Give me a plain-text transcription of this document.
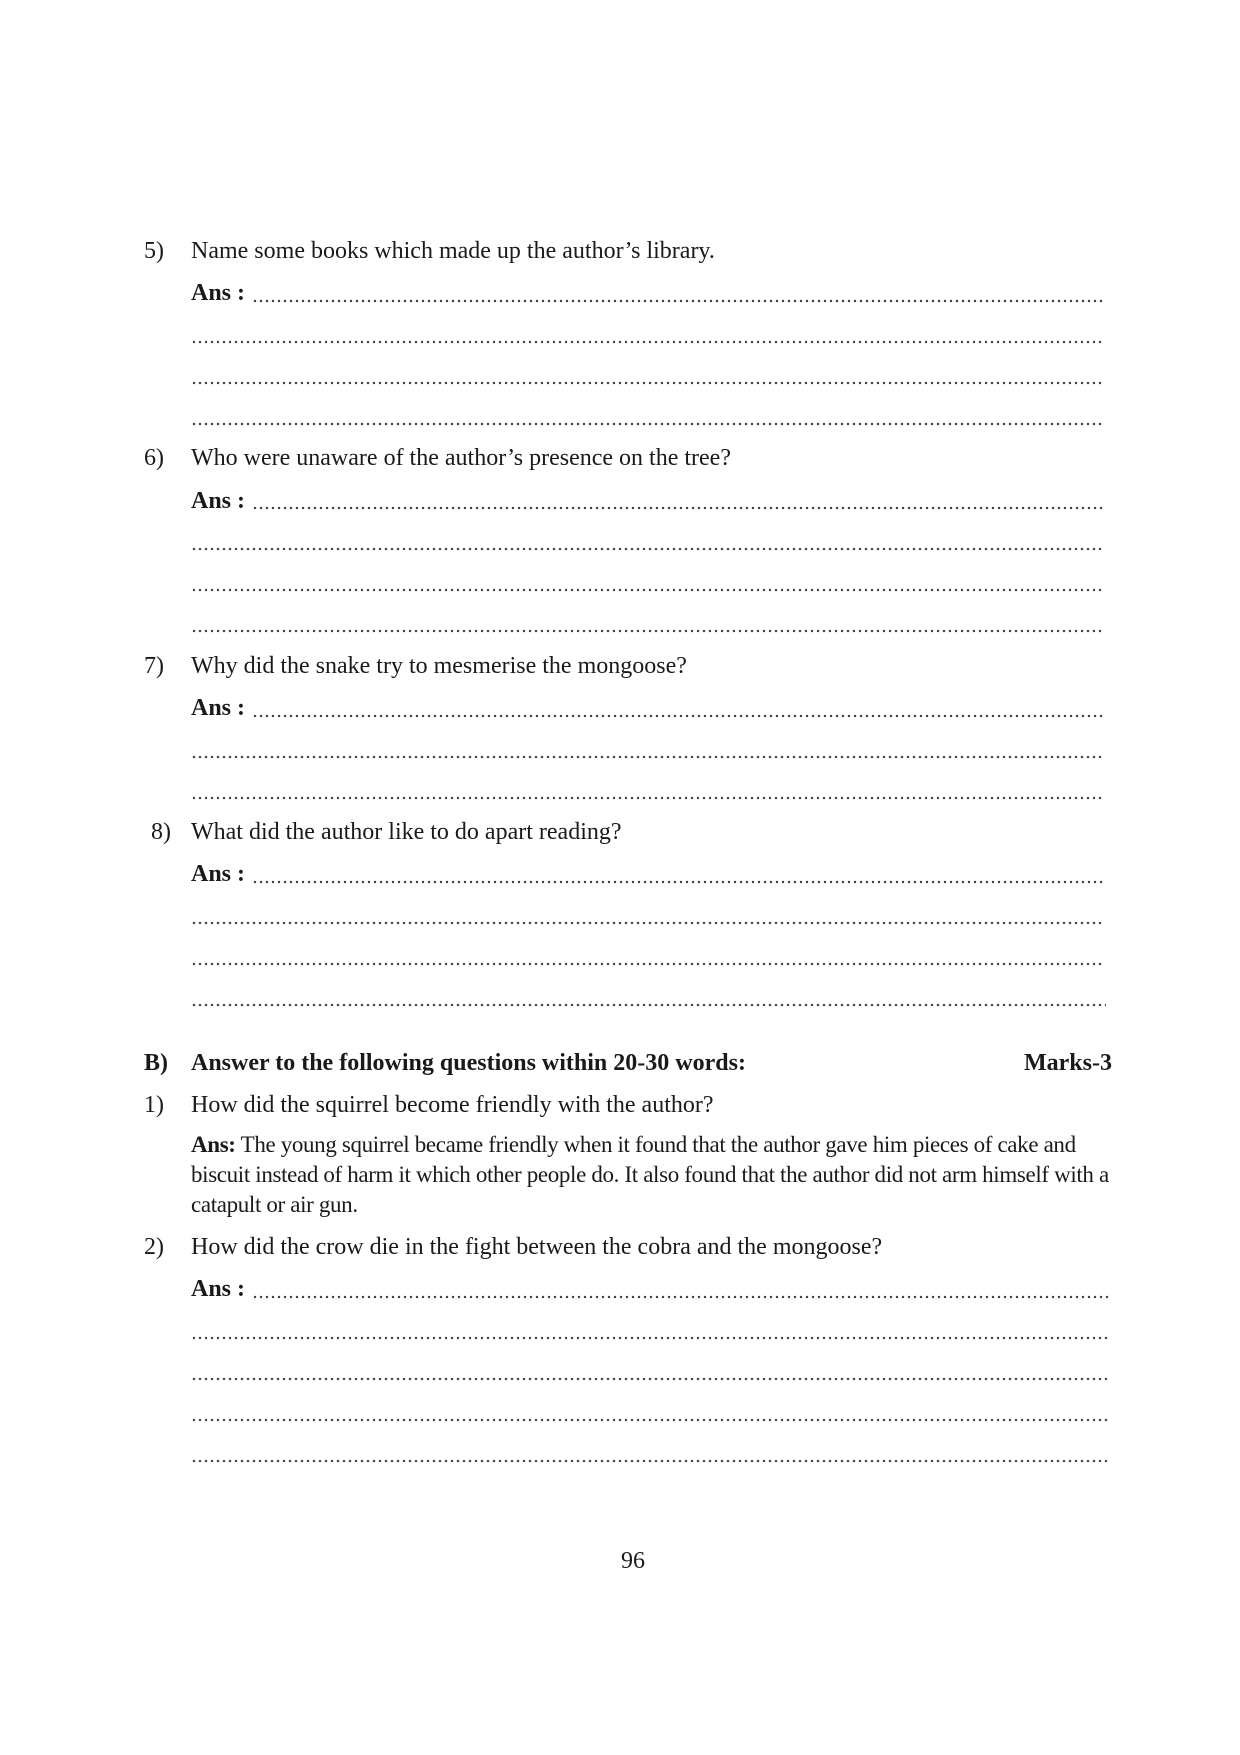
5) Name some books which made up the author’s library.
Ans :
6) Who were unaware of the author’s presence on the tree?
Ans :
7) Why did the snake try to mesmerise the mongoose?
Ans :
8) What did the author like to do apart reading?
Ans :
B) Answer to the following questions within 20-30 words:	Marks-3
1) How did the squirrel become friendly with the author?
Ans: The young squirrel became friendly when it found that the author gave him pieces of cake and biscuit instead of harm it which other people do. It also found that the author did not arm himself with a catapult or air gun.
2) How did the crow die in the fight between the cobra and the mongoose?
Ans :
96
